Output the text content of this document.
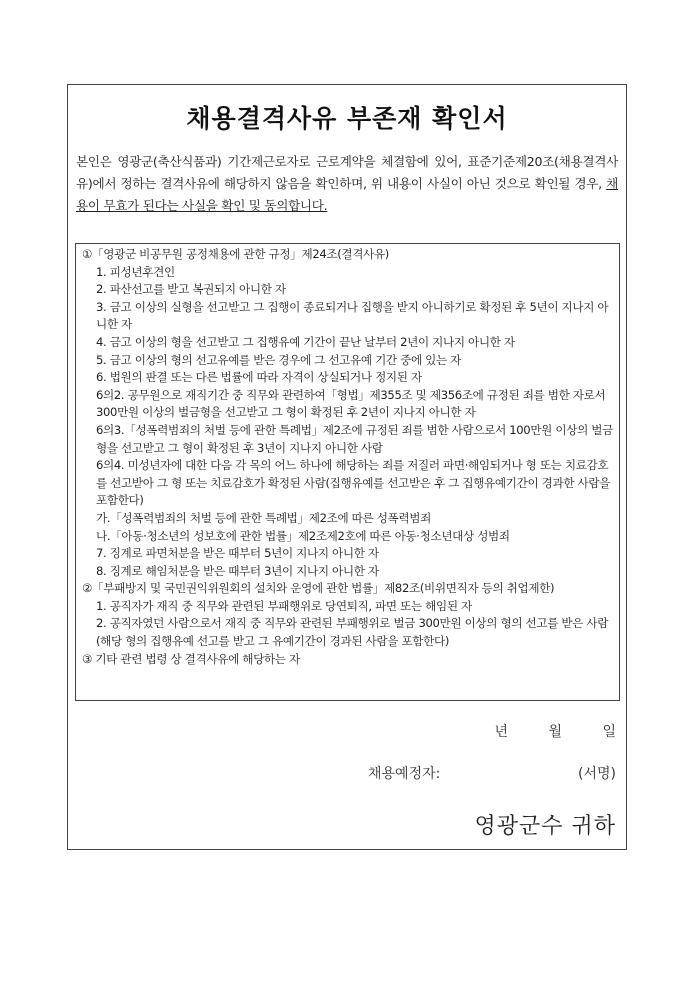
채용결격사유 부존재 확인서
본인은 영광군(축산식품과) 기간제근로자로 근로계약을 체결함에 있어, 표준기준제20조(채용결격사유)에서 정하는 결격사유에 해당하지 않음을 확인하며, 위 내용이 사실이 아닌 것으로 확인될 경우, 채용이 무효가 된다는 사실을 확인 및 동의합니다.
①「영광군 비공무원 공정채용에 관한 규정」제24조(결격사유)
1. 피성년후견인
2. 파산선고를 받고 복권되지 아니한 자
3. 금고 이상의 실형을 선고받고 그 집행이 종료되거나 집행을 받지 아니하기로 확정된 후 5년이 지나지 아니한 자
4. 금고 이상의 형을 선고받고 그 집행유예 기간이 끝난 날부터 2년이 지나지 아니한 자
5. 금고 이상의 형의 선고유예를 받은 경우에 그 선고유예 기간 중에 있는 자
6. 법원의 판결 또는 다른 법률에 따라 자격이 상실되거나 정지된 자
6의2. 공무원으로 재직기간 중 직무와 관련하여「형법」제355조 및 제356조에 규정된 죄를 범한 자로서 300만원 이상의 벌금형을 선고받고 그 형이 확정된 후 2년이 지나지 아니한 자
6의3.「성폭력범죄의 처벌 등에 관한 특례법」제2조에 규정된 죄를 범한 사람으로서 100만원 이상의 벌금형을 선고받고 그 형이 확정된 후 3년이 지나지 아니한 사람
6의4. 미성년자에 대한 다음 각 목의 어느 하나에 해당하는 죄를 저질러 파면·해임되거나 형 또는 치료감호를 선고받아 그 형 또는 치료감호가 확정된 사람(집행유예를 선고받은 후 그 집행유예기간이 경과한 사람을 포함한다)
가.「성폭력범죄의 처벌 등에 관한 특례법」제2조에 따른 성폭력범죄
나.「아동·청소년의 성보호에 관한 법률」제2조제2호에 따른 아동·청소년대상 성범죄
7. 징계로 파면처분을 받은 때부터 5년이 지나지 아니한 자
8. 징계로 해임처분을 받은 때부터 3년이 지나지 아니한 자
②「부패방지 및 국민권익위원회의 설치와 운영에 관한 법률」제82조(비위면직자 등의 취업제한)
1. 공직자가 재직 중 직무와 관련된 부패행위로 당연퇴직, 파면 또는 해임된 자
2. 공직자였던 사람으로서 재직 중 직무와 관련된 부패행위로 벌금 300만원 이상의 형의 선고를 받은 사람(해당 형의 집행유예 선고를 받고 그 유예기간이 경과된 사람을 포함한다)
③ 기타 관련 법령 상 결격사유에 해당하는 자
년	월	일
채용예정자:	(서명)
영광군수 귀하
